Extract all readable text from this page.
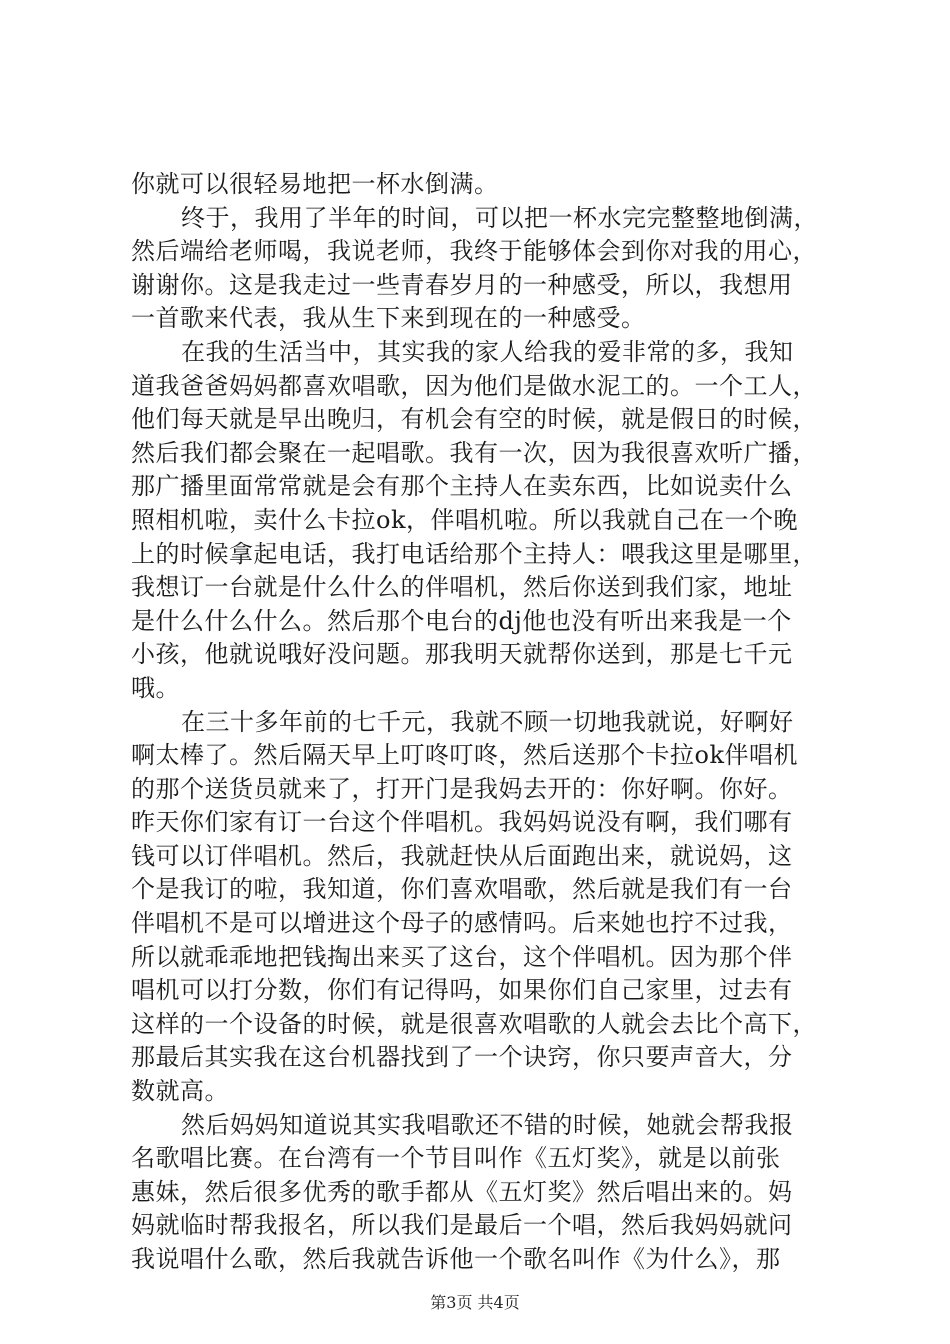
你就可以很轻易地把一杯水倒满。
终于，我用了半年的时间，可以把一杯水完完整整地倒满，
然后端给老师喝，我说老师，我终于能够体会到你对我的用心，
谢谢你。这是我走过一些青春岁月的一种感受，所以，我想用
一首歌来代表，我从生下来到现在的一种感受。
在我的生活当中，其实我的家人给我的爱非常的多，我知
道我爸爸妈妈都喜欢唱歌，因为他们是做水泥工的。一个工人，
他们每天就是早出晚归，有机会有空的时候，就是假日的时候，
然后我们都会聚在一起唱歌。我有一次，因为我很喜欢听广播，
那广播里面常常就是会有那个主持人在卖东西，比如说卖什么
照相机啦，卖什么卡拉ok，伴唱机啦。所以我就自己在一个晚
上的时候拿起电话，我打电话给那个主持人：喂我这里是哪里，
我想订一台就是什么什么的伴唱机，然后你送到我们家，地址
是什么什么什么。然后那个电台的dj他也没有听出来我是一个
小孩，他就说哦好没问题。那我明天就帮你送到，那是七千元
哦。
在三十多年前的七千元，我就不顾一切地我就说，好啊好
啊太棒了。然后隔天早上叮咚叮咚，然后送那个卡拉ok伴唱机
的那个送货员就来了，打开门是我妈去开的：你好啊。你好。
昨天你们家有订一台这个伴唱机。我妈妈说没有啊，我们哪有
钱可以订伴唱机。然后，我就赶快从后面跑出来，就说妈，这
个是我订的啦，我知道，你们喜欢唱歌，然后就是我们有一台
伴唱机不是可以增进这个母子的感情吗。后来她也拧不过我，
所以就乖乖地把钱掏出来买了这台，这个伴唱机。因为那个伴
唱机可以打分数，你们有记得吗，如果你们自己家里，过去有
这样的一个设备的时候，就是很喜欢唱歌的人就会去比个高下，
那最后其实我在这台机器找到了一个诀窍，你只要声音大，分
数就高。
然后妈妈知道说其实我唱歌还不错的时候，她就会帮我报
名歌唱比赛。在台湾有一个节目叫作《五灯奖》，就是以前张
惠妹，然后很多优秀的歌手都从《五灯奖》然后唱出来的。妈
妈就临时帮我报名，所以我们是最后一个唱，然后我妈妈就问
我说唱什么歌，然后我就告诉他一个歌名叫作《为什么》，那
第3页 共4页
